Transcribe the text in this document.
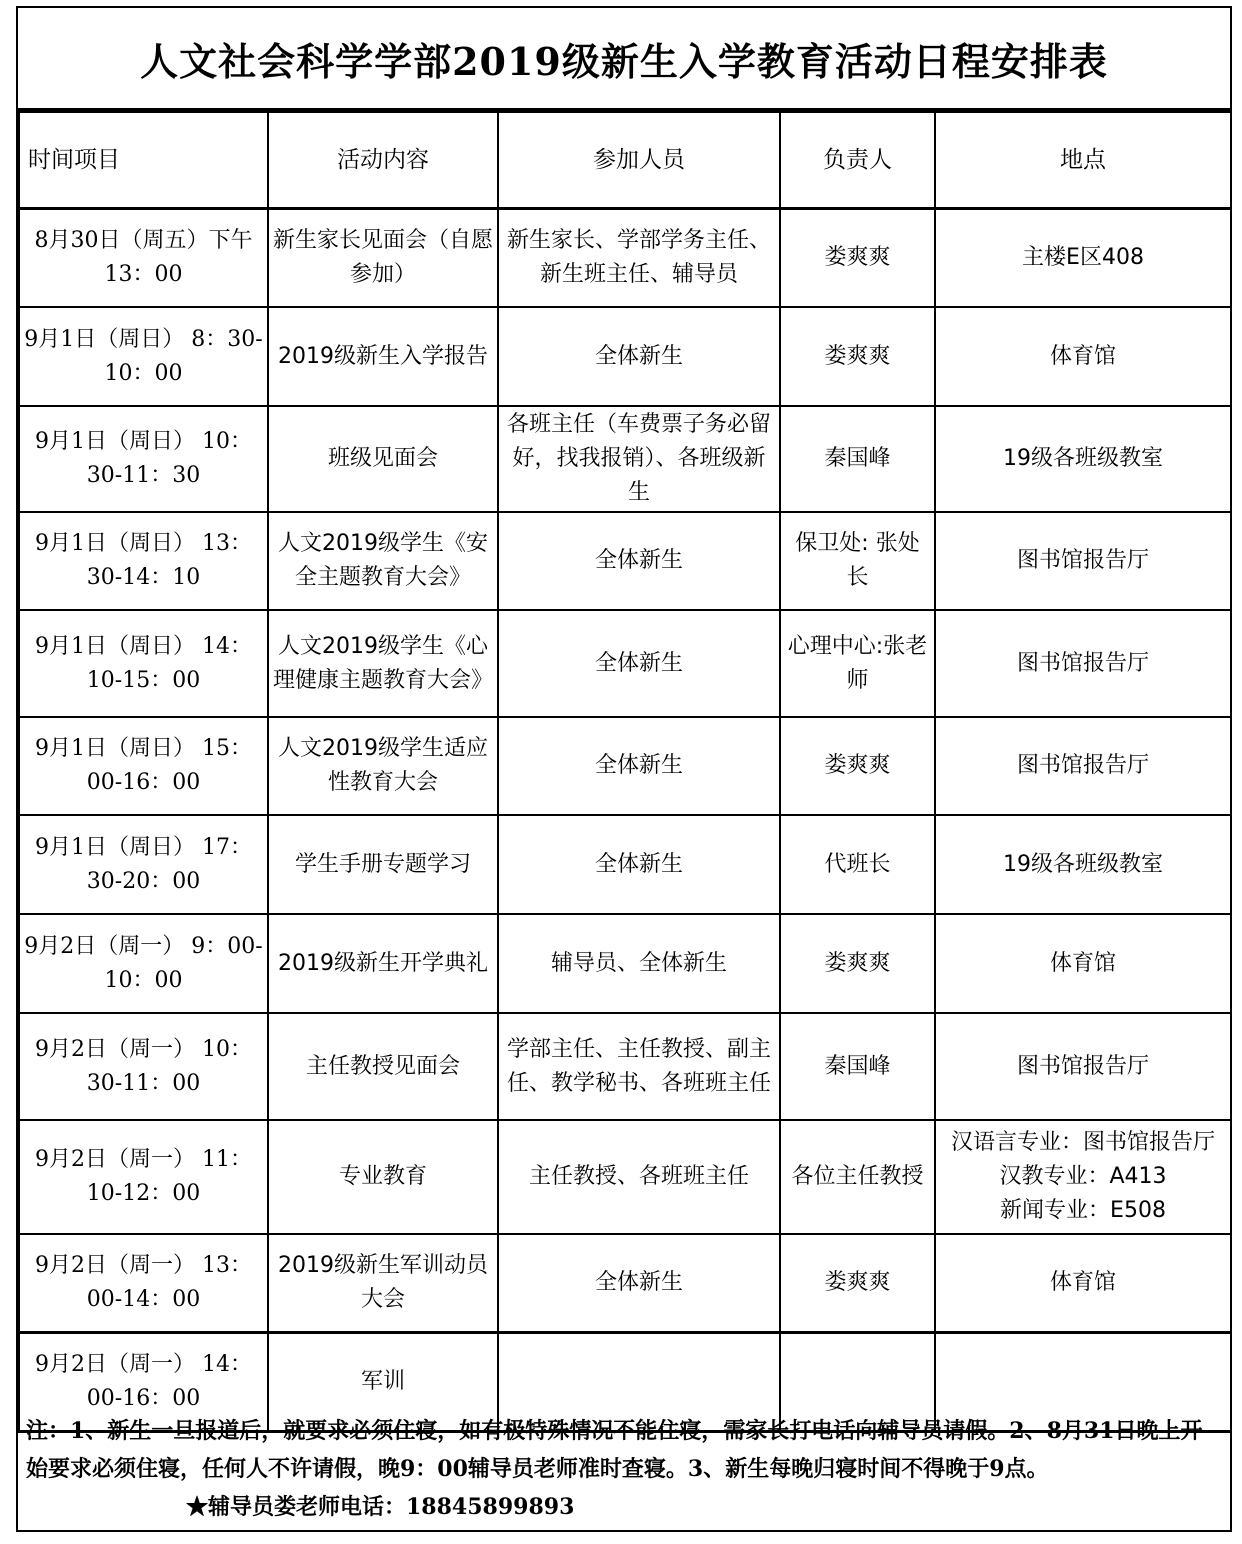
人文社会科学学部2019级新生入学教育活动日程安排表
时间项目	活动内容	参加人员	负责人	地点
8月30日（周五）下午13：00	新生家长见面会（自愿参加）	新生家长、学部学务主任、新生班主任、辅导员	娄爽爽	主楼E区408

9月1日（周日） 8：30-10：00	2019级新生入学报告	全体新生	娄爽爽	体育馆

9月1日（周日） 10：30-11：30	班级见面会	各班主任（车费票子务必留好，找我报销）、各班级新生	秦国峰	19级各班级教室

9月1日（周日） 13：30-14：10	人文2019级学生《安全主题教育大会》	全体新生	保卫处: 张处长	图书馆报告厅

9月1日（周日） 14：10-15：00	人文2019级学生《心理健康主题教育大会》	全体新生	心理中心:张老师	图书馆报告厅

9月1日（周日） 15：00-16：00	人文2019级学生适应性教育大会	全体新生	娄爽爽	图书馆报告厅

9月1日（周日） 17：30-20：00	学生手册专题学习	全体新生	代班长	19级各班级教室

9月2日（周一） 9：00-10：00	2019级新生开学典礼	辅导员、全体新生	娄爽爽	体育馆

9月2日（周一） 10：30-11：00	主任教授见面会	学部主任、主任教授、副主任、教学秘书、各班班主任	秦国峰	图书馆报告厅

9月2日（周一） 11：10-12：00	专业教育	主任教授、各班班主任	各位主任教授	汉语言专业：图书馆报告厅
汉教专业：A413
新闻专业：E508

9月2日（周一） 13：00-14：00	2019级新生军训动员大会	全体新生	娄爽爽	体育馆

9月2日（周一） 14：00-16：00	军训			
注：1、新生一旦报道后，就要求必须住寝，如有极特殊情况不能住寝，需家长打电话向辅导员请假。2、8月31日晚上开始要求必须住寝，任何人不许请假，晚9：00辅导员老师准时查寝。3、新生每晚归寝时间不得晚于9点。★辅导员娄老师电话：18845899893
